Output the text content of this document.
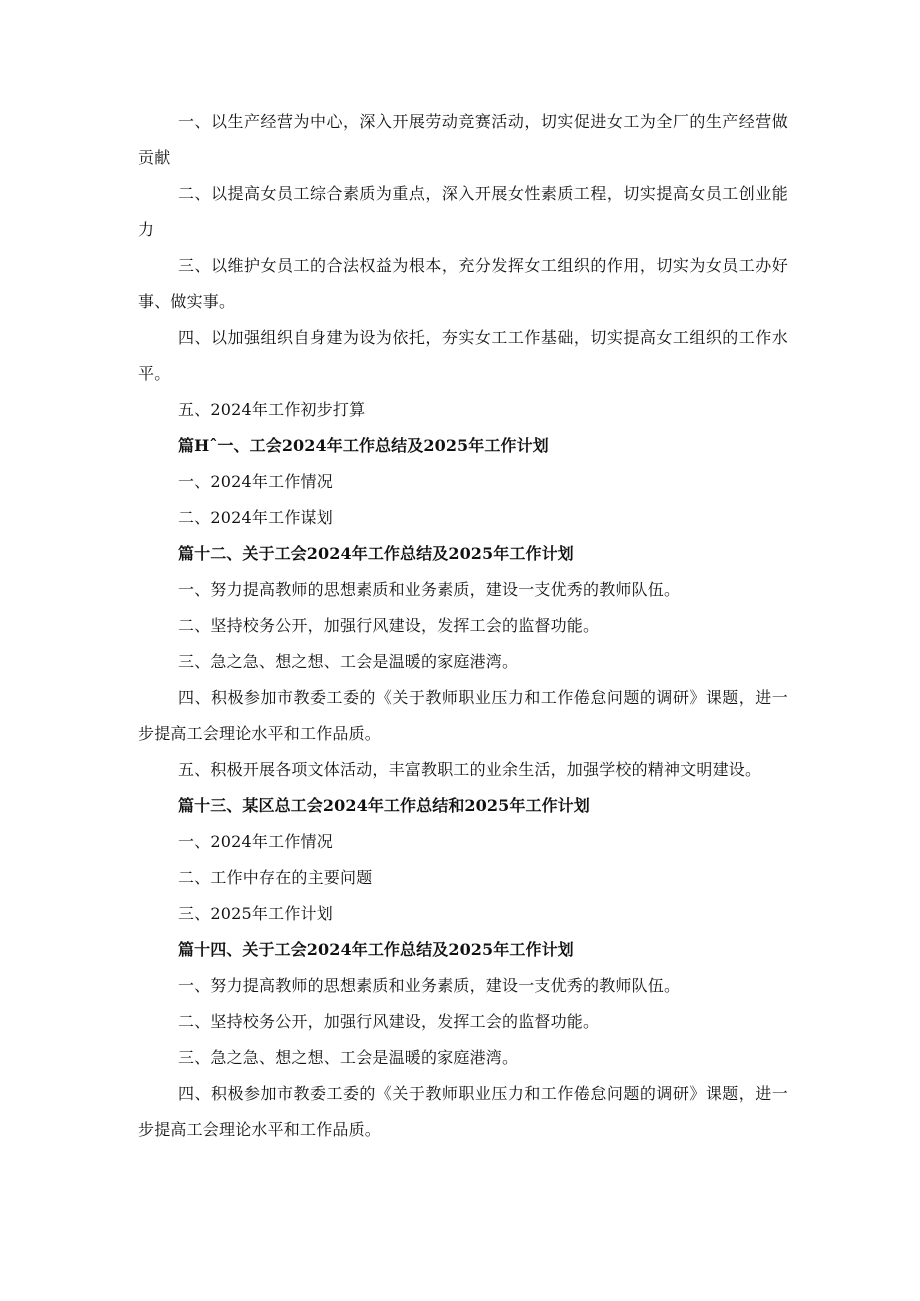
一、以生产经营为中心，深入开展劳动竞赛活动，切实促进女工为全厂的生产经营做贡献

二、以提高女员工综合素质为重点，深入开展女性素质工程，切实提高女员工创业能力

三、以维护女员工的合法权益为根本，充分发挥女工组织的作用，切实为女员工办好事、做实事。

四、以加强组织自身建为设为依托，夯实女工工作基础，切实提高女工组织的工作水平。

五、2024年工作初步打算

篇Hˆ一、工会2024年工作总结及2025年工作计划

一、2024年工作情况

二、2024年工作谋划

篇十二、关于工会2024年工作总结及2025年工作计划

一、努力提高教师的思想素质和业务素质，建设一支优秀的教师队伍。

二、坚持校务公开，加强行风建设，发挥工会的监督功能。

三、急之急、想之想、工会是温暖的家庭港湾。

四、积极参加市教委工委的《关于教师职业压力和工作倦怠问题的调研》课题，进一步提高工会理论水平和工作品质。

五、积极开展各项文体活动，丰富教职工的业余生活，加强学校的精神文明建设。

篇十三、某区总工会2024年工作总结和2025年工作计划

一、2024年工作情况

二、工作中存在的主要问题

三、2025年工作计划

篇十四、关于工会2024年工作总结及2025年工作计划

一、努力提高教师的思想素质和业务素质，建设一支优秀的教师队伍。

二、坚持校务公开，加强行风建设，发挥工会的监督功能。

三、急之急、想之想、工会是温暖的家庭港湾。

四、积极参加市教委工委的《关于教师职业压力和工作倦怠问题的调研》课题，进一步提高工会理论水平和工作品质。
